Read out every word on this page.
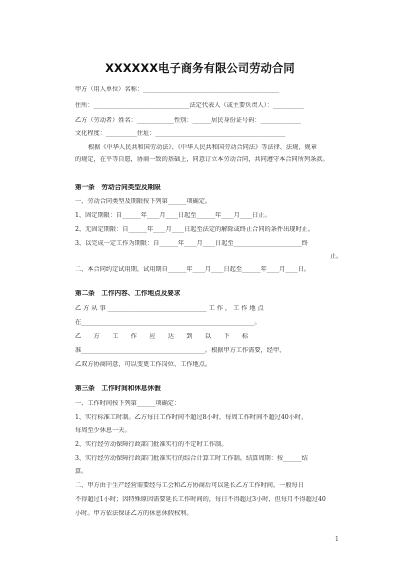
XXXXXX电子商务有限公司劳动合同
甲方（用人单位）名称：____________________________________________
住所：_______________________________法定代表人（或主要负责人）：__________
乙方（劳动者）姓名：____________性别：______居民身份证号码：_____________
文化程度：__________住址：__________________________________________
根据《中华人民共和国劳动法》、《中华人民共和国劳动合同法》等法律、法规、规章
的规定，在平等自愿，协商一致的基础上，同意订立本劳动合同，共同遵守本合同所列条款。
第一条　劳动合同类型及期限
一、劳动合同类型及期限按下列第______项确定。
1、固定期限：自______年____月____日起至______年____月____日止。
2、无固定期限：自______年____月____日起至法定的解除或终止合同的条件出现时止。
3、以完成一定工作为期限：自______年____月____日起至______________________终
止。
二、本合同约定试用期，试用期自______年____月____日起至______年____月____日。
第二条　工作内容、工作地点及要求
乙 方 从 事 ________________________________ 工 作 ， 工 作 地 点
在________________________________________________________。
乙　　方　　工　　作　　应　　达　　到　　以　　下　　标
准________________________________________。根据甲方工作需要，经甲、
乙双方协商同意，可以变更工作岗位、工作地点。
第三条　工作时间和休息休假
一、工作时间按下列第______项确定：
1、实行标准工时制。乙方每日工作时间不超过8小时，每周工作时间不超过40小时，
每周至少休息一天。
2、实行经劳动保障行政部门批准实行的不定时工作制。
3、实行经劳动保障行政部门批准实行的综合计算工时工作制。结算周期：按______结
算。
二、甲方由于生产经营需要经与工会和乙方协商后可以延长乙方工作时间，一般每日
不得超过1小时；因特殊原因需要延长工作时间的，每日不得超过3小时，但每月不得超过40
小时。甲方依法保证乙方的休息休假权利。
1
